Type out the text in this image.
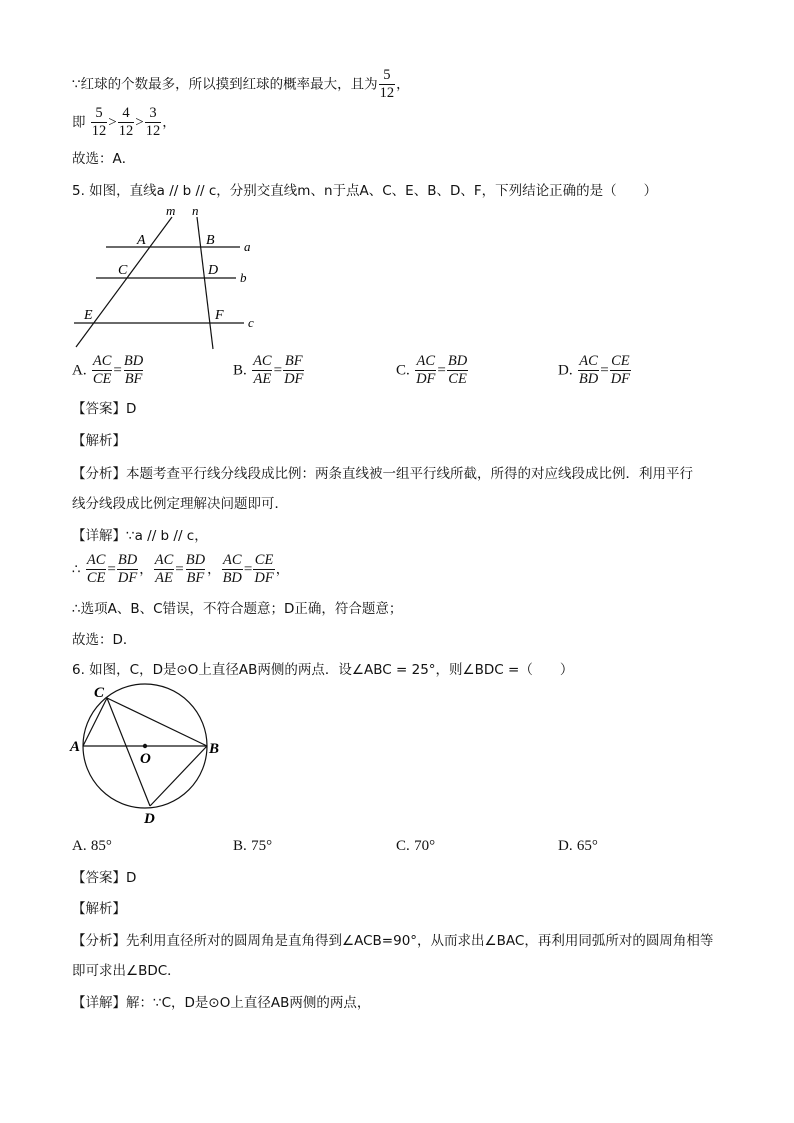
∵红球的个数最多，所以摸到红球的概率最大，且为 $\frac{5}{12}$ ，
即 $\frac{5}{12} > \frac{4}{12} > \frac{3}{12}$ ，
故选：A．
5. 如图，直线a // b // c，分别交直线m、n于点A、C、E、B、D、F，下列结论正确的是（　　）
m n
a
b
c
A	B
C	D
E	F
A. $\frac{AC}{CE} = \frac{BD}{BF}$	B. $\frac{AC}{AE} = \frac{BF}{DF}$	C. $\frac{AC}{DF} = \frac{BD}{CE}$	D. $\frac{AC}{BD} = \frac{CE}{DF}$
【答案】D
【解析】
【分析】本题考查平行线分线段成比例：两条直线被一组平行线所截，所得的对应线段成比例．利用平行
线分线段成比例定理解决问题即可．
【详解】∵a // b // c，
∴ $\frac{AC}{CE} = \frac{BD}{DF}$ ， $\frac{AC}{AE} = \frac{BD}{BF}$ ， $\frac{AC}{BD} = \frac{CE}{DF}$ ，
∴选项A、B、C错误，不符合题意；D正确，符合题意；
故选：D．
6. 如图，C，D是⊙O上直径AB两侧的两点．设∠ABC = 25°，则∠BDC =（　　）
C
A	B
O
D
A. 85°	B. 75°	C. 70°	D. 65°
【答案】D
【解析】
【分析】先利用直径所对的圆周角是直角得到∠ACB=90°，从而求出∠BAC，再利用同弧所对的圆周角相等
即可求出∠BDC．
【详解】解：∵C，D是⊙O上直径AB两侧的两点，
